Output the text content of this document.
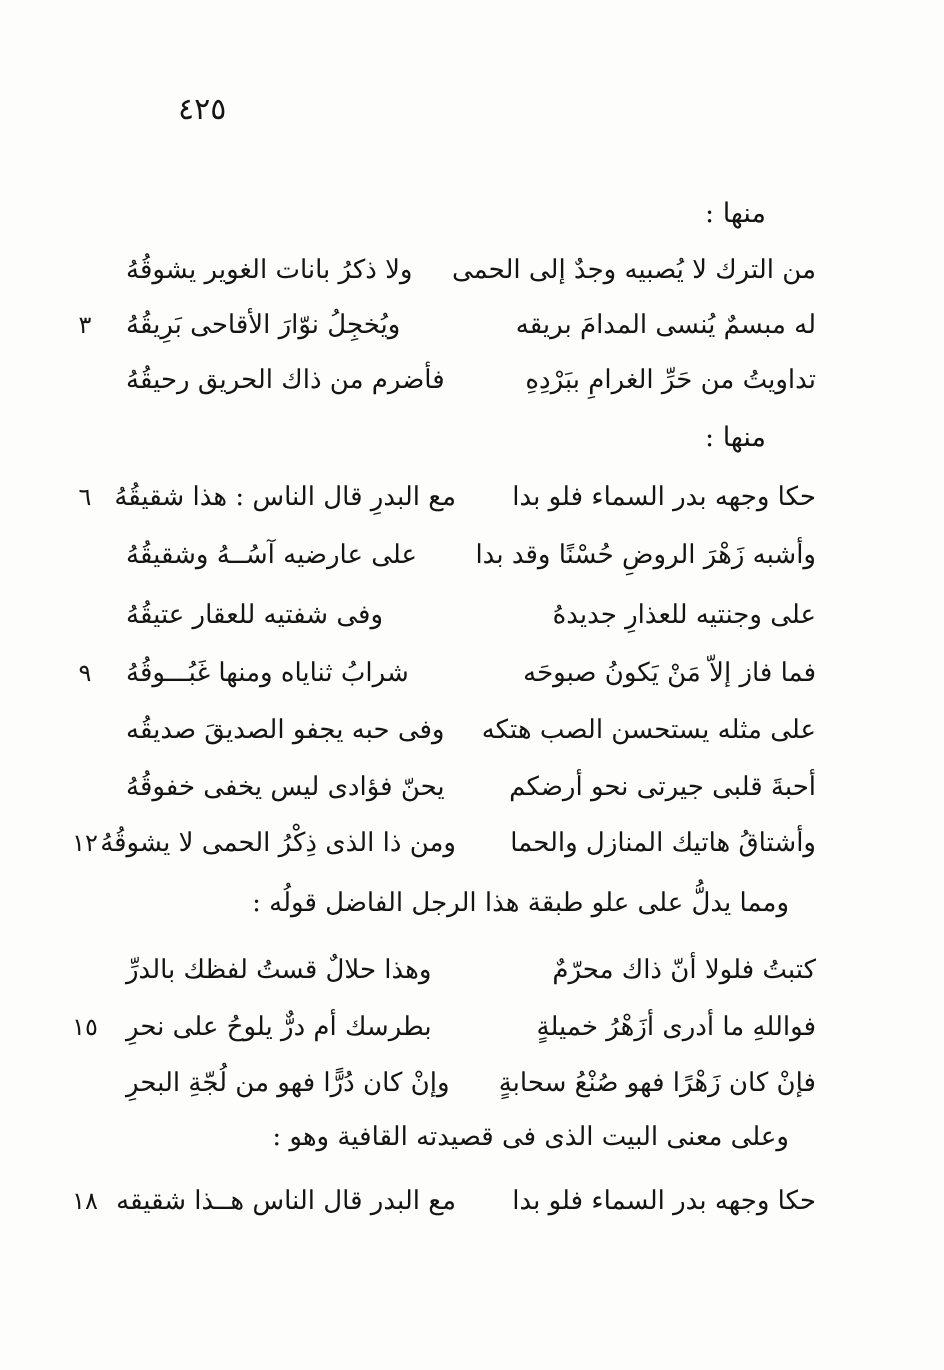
٤٢٥
منها :
من الترك لا يُصبيه وجدٌ إلى الحمى
ولا ذكرُ بانات الغوير يشوقُهُ
له مبسمٌ يُنسى المدامَ بريقه
ويُخجِلُ نوّارَ الأقاحى بَرِيقُهُ
٣
تداويتُ من حَرِّ الغرامِ ببَرْدِهِ
فأضرم من ذاك الحريق رحيقُهُ
منها :
حكا وجهه بدر السماء فلو بدا
مع البدرِ قال الناس : هذا شقيقُهُ
٦
وأشبه زَهْرَ الروضِ حُسْنًا وقد بدا
على عارضيه آسُــهُ وشقيقُهُ
على وجنتيه للعذارِ جديدهُ
وفى شفتيه للعقار عتيقُهُ
فما فاز إلاّ مَنْ يَكونُ صبوحَه
شرابُ ثناياه ومنها غَبُـــوقُهُ
٩
على مثله يستحسن الصب هتكه
وفى حبه يجفو الصديقَ صديقُه
أحبةَ قلبى جيرتى نحو أرضكم
يحنّ فؤادى ليس يخفى خفوقُهُ
وأشتاقُ هاتيك المنازل والحما
ومن ذا الذى ذِكْرُ الحمى لا يشوقُهُ
١٢
ومما يدلُّ على علو طبقة هذا الرجل الفاضل قولُه :
كتبتُ فلولا أنّ ذاك محرّمٌ
وهذا حلالٌ قستُ لفظك بالدرِّ
فواللهِ ما أدرى أزَهْرُ خميلةٍ
بطرسك أم درٌّ يلوحُ على نحرِ
١٥
فإنْ كان زَهْرًا فهو صُنْعُ سحابةٍ
وإنْ كان دُرًّا فهو من لُجّةِ البحرِ
وعلى معنى البيت الذى فى قصيدته القافية وهو :
حكا وجهه بدر السماء فلو بدا
مع البدر قال الناس هــذا شقيقه
١٨
